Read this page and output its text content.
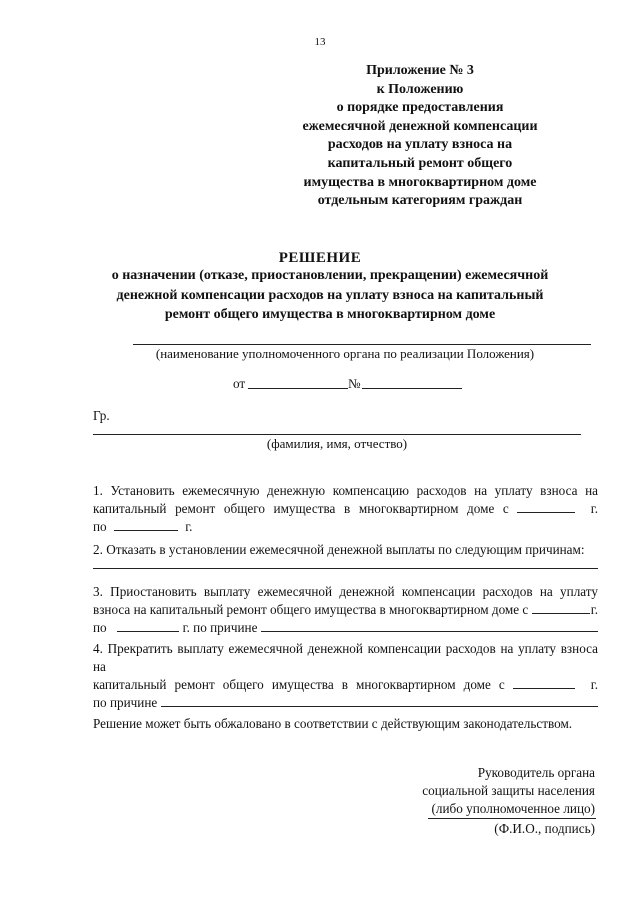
13
Приложение № 3
к Положению
о порядке предоставления
ежемесячной денежной компенсации
расходов на уплату взноса на
капитальный ремонт общего
имущества в многоквартирном доме
отдельным категориям граждан
РЕШЕНИЕ
о назначении (отказе, приостановлении, прекращении) ежемесячной
денежной компенсации расходов на уплату взноса на капитальный
ремонт общего имущества в многоквартирном доме
(наименование уполномоченного органа по реализации Положения)
от	№
Гр.
(фамилия, имя, отчество)
1. Установить ежемесячную денежную компенсацию расходов на уплату взноса на
капитальный ремонт общего имущества в многоквартирном доме с	г.
по	г.
2. Отказать в установлении ежемесячной денежной выплаты по следующим причинам:
3. Приостановить выплату ежемесячной денежной компенсации расходов на уплату
взноса на капитальный ремонт общего имущества в многоквартирном доме с	г.
по	г. по причине
4. Прекратить выплату ежемесячной денежной компенсации расходов на уплату взноса на
капитальный ремонт общего имущества в многоквартирном доме с	г.
по причине
Решение может быть обжаловано в соответствии с действующим законодательством.
Руководитель органа
социальной защиты населения
(либо уполномоченное лицо)
(Ф.И.О., подпись)
